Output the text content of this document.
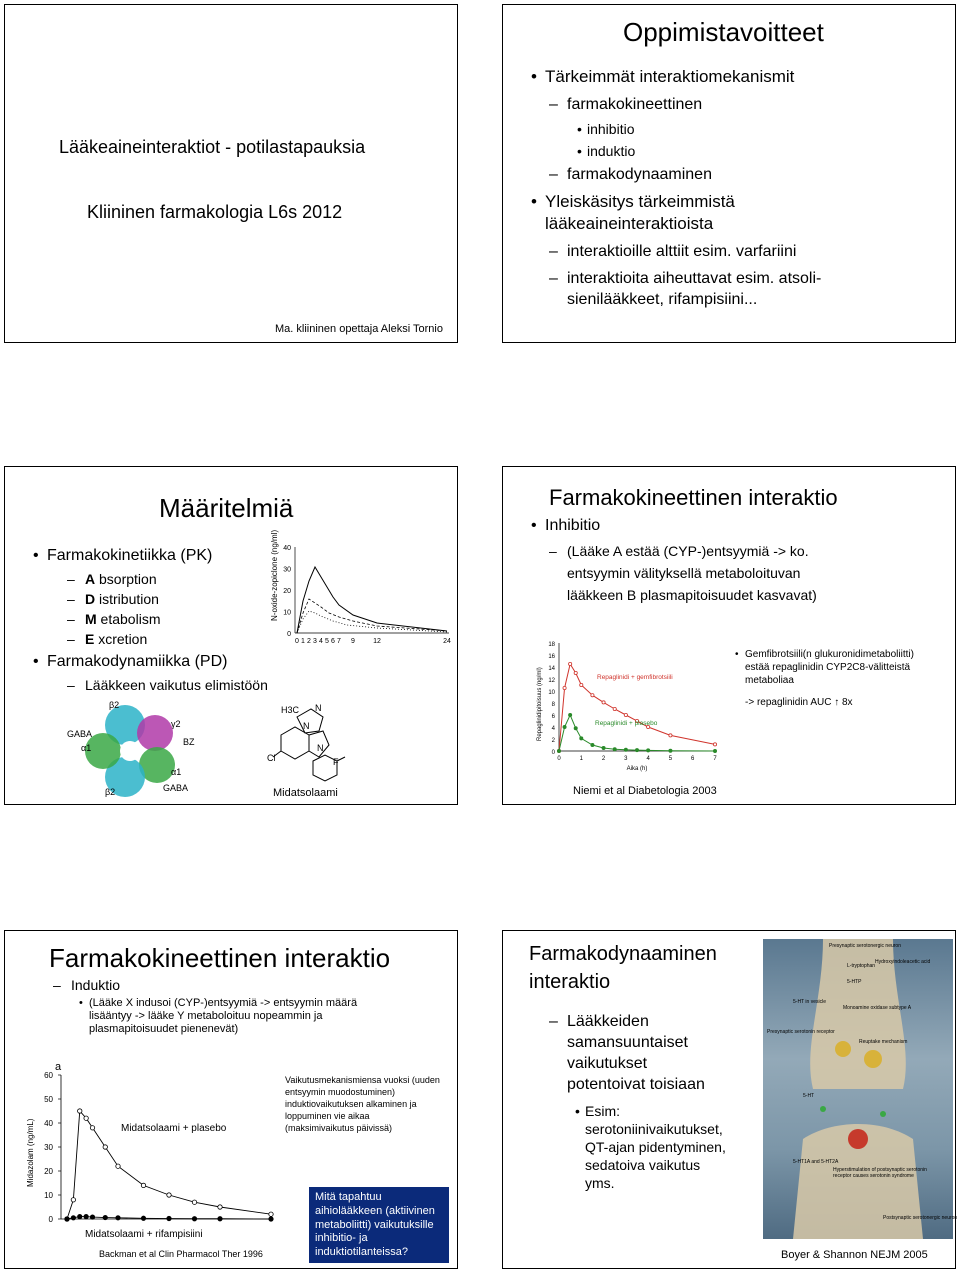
Lääkeaineinteraktiot - potilastapauksia
Kliininen farmakologia L6s 2012
Ma. kliininen opettaja Aleksi Tornio
Oppimistavoitteet
• Tärkeimmät interaktiomekanismit
– farmakokineettinen
• inhibitio
• induktio
– farmakodynaaminen
• Yleiskäsitys tärkeimmistä
lääkeaineinteraktioista
– interaktioille alttiit esim. varfariini
– interaktioita aiheuttavat esim. atsoli-
sienilääkkeet, rifampisiini...
Määritelmiä
• Farmakokinetiikka (PK)
– A bsorption
– D istribution
– M etabolism
– E xcretion
• Farmakodynamiikka (PD)
– Lääkkeen vaikutus elimistöön
N-oxide-zopiclone (ng/ml)
0
10
20
30
40
0 1 2 3 4 5 6 7 9	12	24
GABA
BZ
GABA
β2
α1
γ2
α1
β2
H3C N
N
N
Cl	F
Midatsolaami
Farmakokineettinen interaktio
• Inhibitio
– (Lääke A estää (CYP-)entsyymiä -> ko.
entsyymin välityksellä metaboloituvan
lääkkeen B plasmapitoisuudet kasvavat)
0
2
4
6
8
10
12
14
16
18
0	1	2	3	4	5	6	7
Repaglinidipitoisuus (ng/ml)
Aika (h)
Repaglinidi + gemfibrotsiili
Repaglinidi + plasebo
• Gemfibrotsiili(n glukuronidimetaboliitti)
estää repaglinidin CYP2C8-välitteistä
metaboliaa
-> repaglinidin AUC ↑ 8x
Niemi et al Diabetologia 2003
Farmakokineettinen interaktio
– Induktio
• (Lääke X indusoi (CYP-)entsyymiä -> entsyymin määrä
lisääntyy -> lääke Y metaboloituu nopeammin ja
plasmapitoisuudet pienenevät)
0
10
20
30
40
50
60
Midazolam (ng/mL)	Midatsolaami + plasebo
Midatsolaami + rifampisiini
a
Vaikutusmekanismiensa vuoksi (uuden
entsyymin muodostuminen)
induktiovaikutuksen alkaminen ja
loppuminen vie aikaa
(maksimivaikutus päivissä)
Mitä tapahtuu
aihiolääkkeen (aktiivinen
metaboliitti) vaikutuksille
inhibitio- ja
induktiotilanteissa?
Backman et al Clin Pharmacol Ther 1996
Farmakodynaaminen
interaktio
– Lääkkeiden
samansuuntaiset
vaikutukset
potentoivat toisiaan
• Esim:
serotoniinivaikutukset,
QT-ajan pidentyminen,
sedatoiva vaikutus
yms.
Presynaptic serotonergic neuron
Hydroxyindoleacetic acid
L-tryptophan
5-HTP
5-HT in vesicle
Presynaptic serotonin receptor
Monoamine oxidase subtype A
Reuptake mechanism
5-HT
Hyperstimulation of postsynaptic serotonin receptor causes serotonin syndrome
Postsynaptic serotonergic neuron
5-HT1A and 5-HT2A
Boyer & Shannon NEJM 2005
